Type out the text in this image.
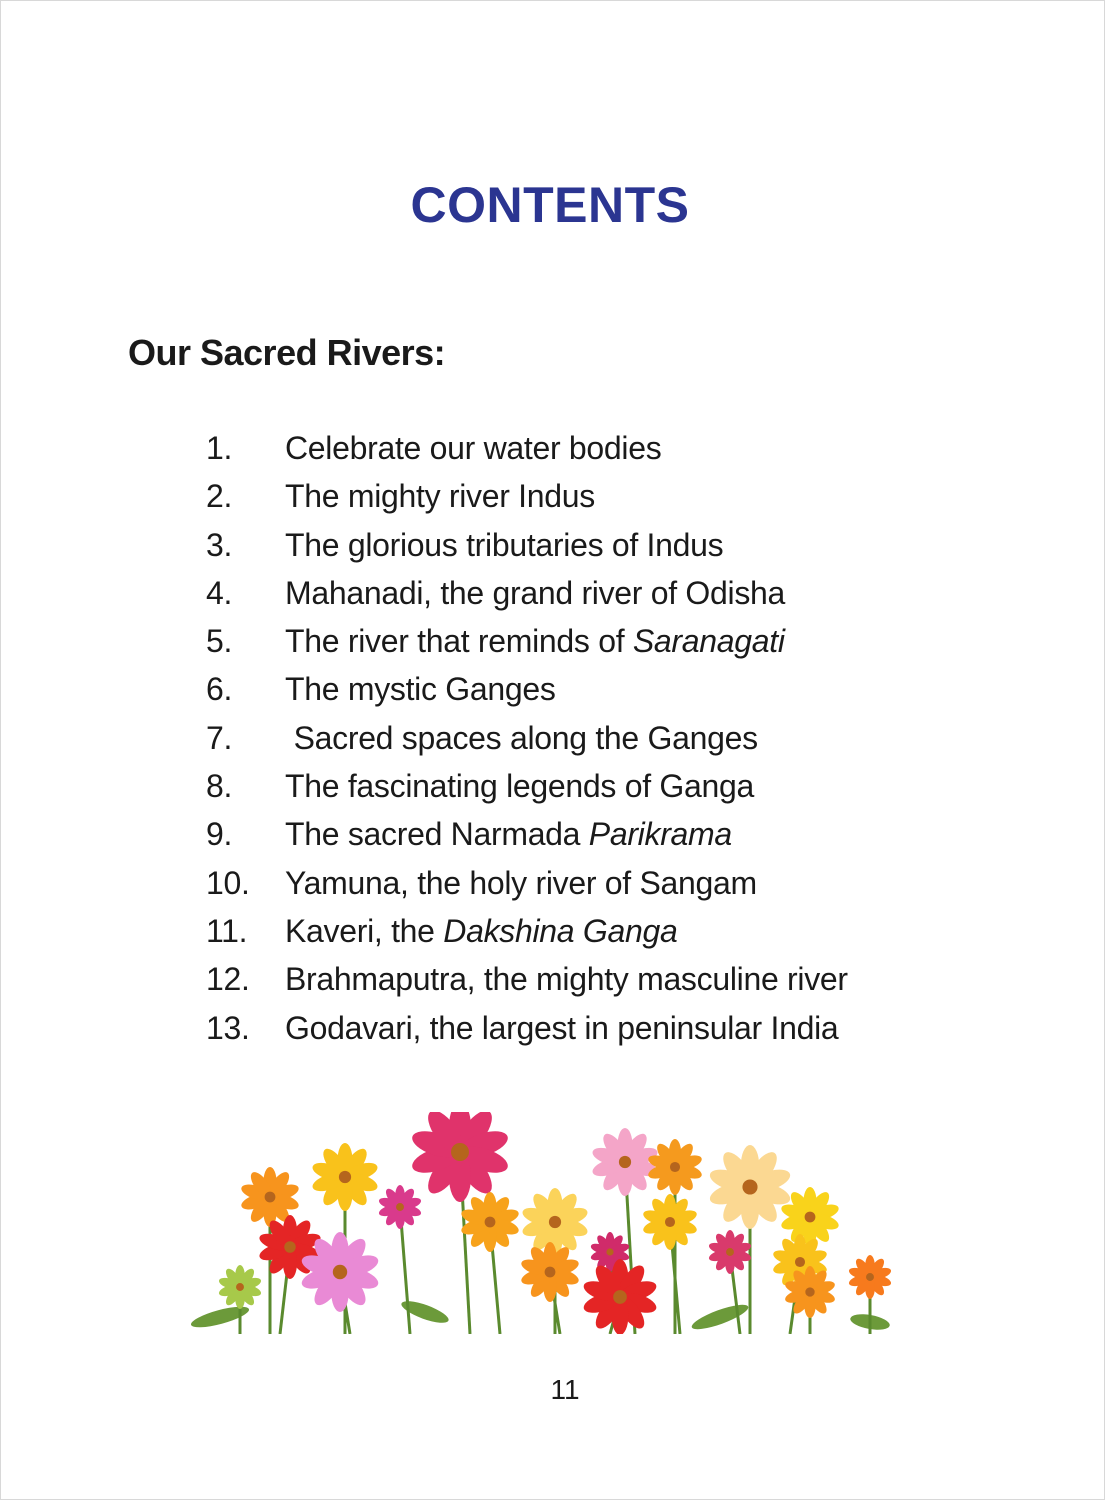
CONTENTS
Our Sacred Rivers:
1.	Celebrate our water bodies
2.	The mighty river Indus
3.	The glorious tributaries of Indus
4.	Mahanadi, the grand river of Odisha
5.	The river that reminds of Saranagati
6.	The mystic Ganges
7.	Sacred spaces along the Ganges
8.	The fascinating legends of Ganga
9.	The sacred Narmada Parikrama
10.	Yamuna, the holy river of Sangam
11.	Kaveri, the Dakshina Ganga
12.	Brahmaputra, the mighty masculine river
13.	Godavari, the largest in peninsular India
11
